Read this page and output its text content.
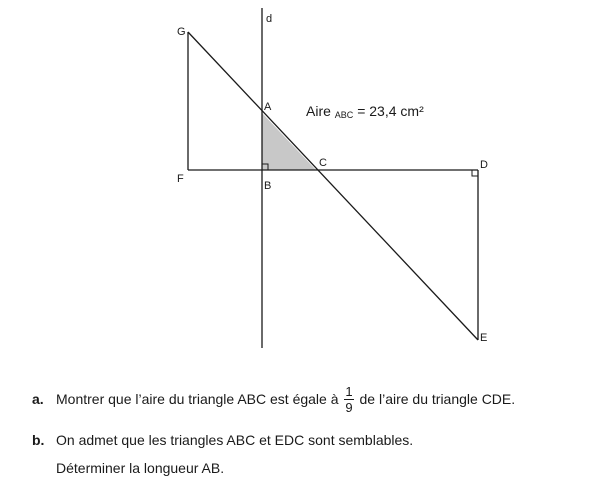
G
d
A
F
B
C	D
E
Aire ABC = 23,4 cm²
a. Montrer que l’aire du triangle ABC est égale à $\frac{1}{9}$ de l’aire du triangle CDE.
b. On admet que les triangles ABC et EDC sont semblables.
Déterminer la longueur AB.
